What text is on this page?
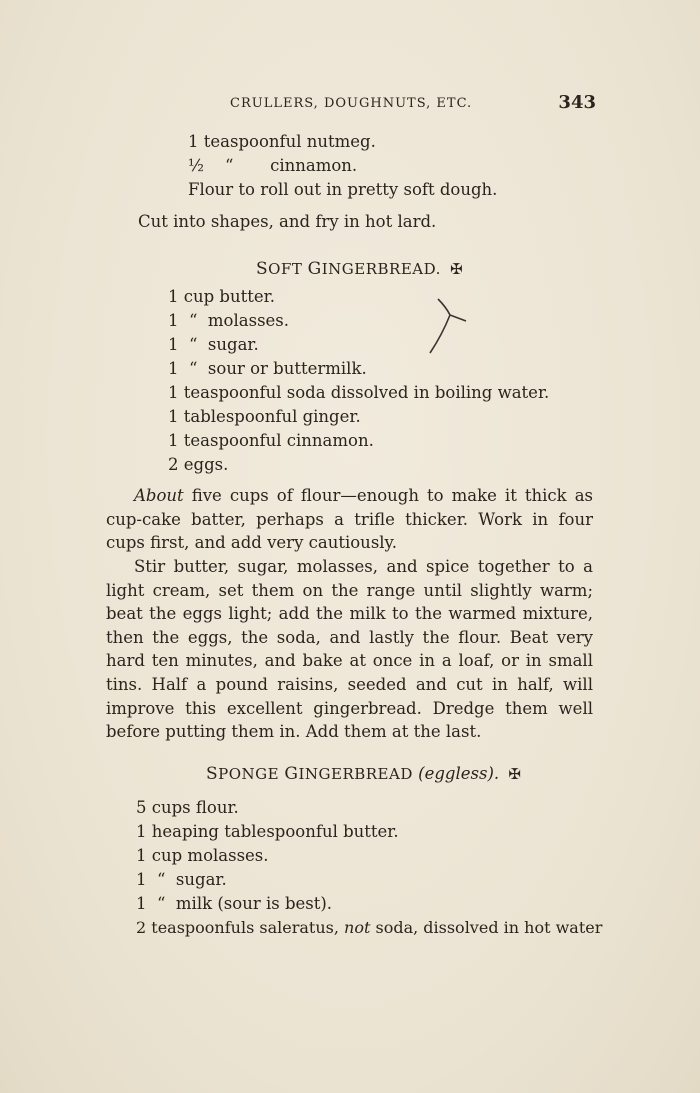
CRULLERS, DOUGHNUTS, ETC.	343
1 teaspoonful nutmeg.
½    “       cinnamon.
Flour to roll out in pretty soft dough.
Cut into shapes, and fry in hot lard.
SOFT GINGERBREAD. ✠
1 cup butter.
1  “  molasses.
1  “  sugar.
1  “  sour or buttermilk.
1 teaspoonful soda dissolved in boiling water.
1 tablespoonful ginger.
1 teaspoonful cinnamon.
2 eggs.
About five cups of flour—enough to make it thick as cup-cake batter, perhaps a trifle thicker. Work in four cups first, and add very cautiously.
Stir butter, sugar, molasses, and spice together to a light cream, set them on the range until slightly warm; beat the eggs light; add the milk to the warmed mixture, then the eggs, the soda, and lastly the flour. Beat very hard ten minutes, and bake at once in a loaf, or in small tins. Half a pound raisins, seeded and cut in half, will improve this excellent gingerbread. Dredge them well before putting them in. Add them at the last.
SPONGE GINGERBREAD (eggless). ✠
5 cups flour.
1 heaping tablespoonful butter.
1 cup molasses.
1  “  sugar.
1  “  milk (sour is best).
2 teaspoonfuls saleratus, not soda, dissolved in hot water
